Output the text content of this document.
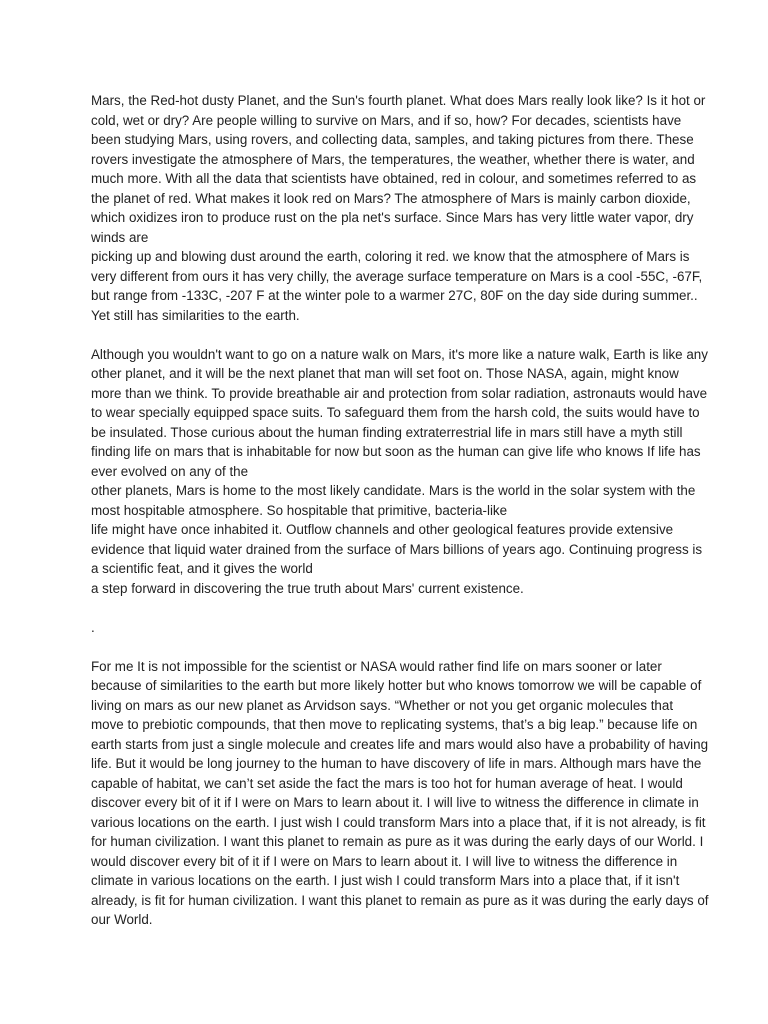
Mars, the Red-hot dusty Planet, and the Sun's fourth planet. What does Mars really look like? Is it hot or cold, wet or dry? Are people willing to survive on Mars, and if so, how? For decades, scientists have been studying Mars, using rovers, and collecting data, samples, and taking pictures from there. These rovers investigate the atmosphere of Mars, the temperatures, the weather, whether there is water, and much more. With all the data that scientists have obtained, red in colour, and sometimes referred to as the planet of red. What makes it look red on Mars? The atmosphere of Mars is mainly carbon dioxide, which oxidizes iron to produce rust on the pla net's surface. Since Mars has very little water vapor, dry winds are
picking up and blowing dust around the earth, coloring it red. we know that the atmosphere of Mars is very different from ours it has very chilly, the average surface temperature on Mars is a cool -55C, -67F, but range from -133C, -207 F at the winter pole to a warmer 27C, 80F on the day side during summer.. Yet still has similarities to the earth.

Although you wouldn't want to go on a nature walk on Mars, it's more like a nature walk, Earth is like any other planet, and it will be the next planet that man will set foot on. Those NASA, again, might know more than we think. To provide breathable air and protection from solar radiation, astronauts would have to wear specially equipped space suits. To safeguard them from the harsh cold, the suits would have to be insulated. Those curious about the human finding extraterrestrial life in mars still have a myth still finding life on mars that is inhabitable for now but soon as the human can give life who knows If life has ever evolved on any of the
other planets, Mars is home to the most likely candidate. Mars is the world in the solar system with the most hospitable atmosphere. So hospitable that primitive, bacteria-like
life might have once inhabited it. Outflow channels and other geological features provide extensive evidence that liquid water drained from the surface of Mars billions of years ago. Continuing progress is a scientific feat, and it gives the world
a step forward in discovering the true truth about Mars' current existence.

.

For me It is not impossible for the scientist or NASA would rather find life on mars sooner or later because of similarities to the earth but more likely hotter but who knows tomorrow we will be capable of living on mars as our new planet as Arvidson says. “Whether or not you get organic molecules that move to prebiotic compounds, that then move to replicating systems, that’s a big leap.” because life on earth starts from just a single molecule and creates life and mars would also have a probability of having life. But it would be long journey to the human to have discovery of life in mars. Although mars have the capable of habitat, we can’t set aside the fact the mars is too hot for human average of heat. I would discover every bit of it if I were on Mars to learn about it. I will live to witness the difference in climate in various locations on the earth. I just wish I could transform Mars into a place that, if it is not already, is fit for human civilization. I want this planet to remain as pure as it was during the early days of our World. I would discover every bit of it if I were on Mars to learn about it. I will live to witness the difference in climate in various locations on the earth. I just wish I could transform Mars into a place that, if it isn't already, is fit for human civilization. I want this planet to remain as pure as it was during the early days of our World.
